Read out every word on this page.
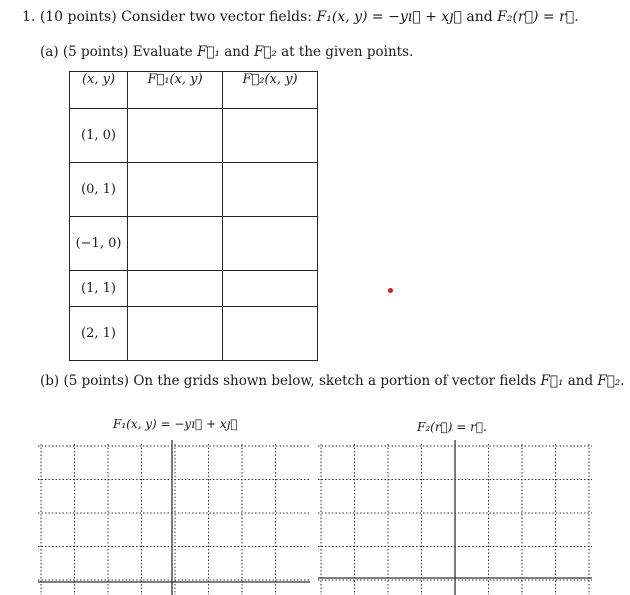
1. (10 points) Consider two vector fields: F₁(x, y) = −yı⃗ + xȷ⃗ and F₂(r⃗) = r⃗.
(a) (5 points) Evaluate F⃗₁ and F⃗₂ at the given points.
(x, y)	F⃗₁(x, y)	F⃗₂(x, y)
(1, 0)		
(0, 1)		
(−1, 0)		
(1, 1)		
(2, 1)		
(b) (5 points) On the grids shown below, sketch a portion of vector fields F⃗₁ and F⃗₂.
F₁(x, y) = −yı⃗ + xȷ⃗	F₂(r⃗) = r⃗.
